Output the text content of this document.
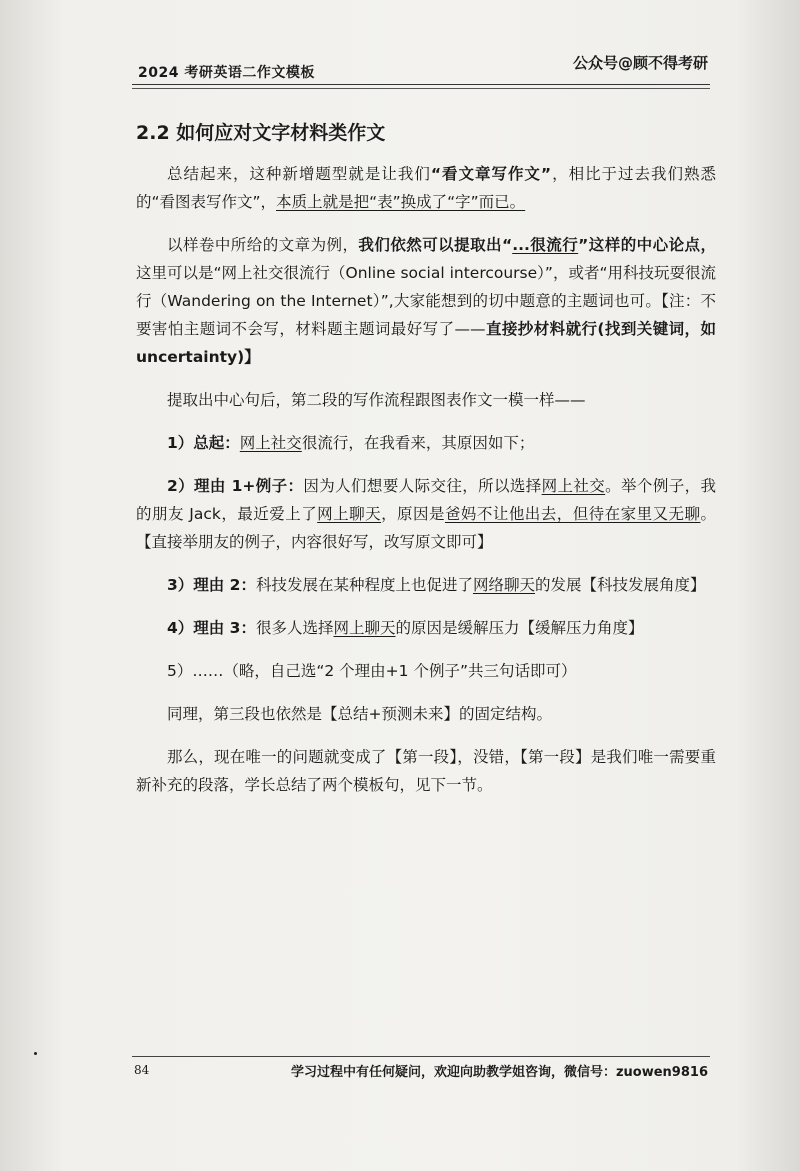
2024 考研英语二作文模板
公众号@顾不得考研
2.2 如何应对文字材料类作文

总结起来，这种新增题型就是让我们“看文章写作文”，相比于过去我们熟悉的“看图表写作文”，本质上就是把“表”换成了“字”而已。

以样卷中所给的文章为例，我们依然可以提取出“...很流行”这样的中心论点，这里可以是“网上社交很流行（Online social intercourse）”，或者“用科技玩耍很流行（Wandering on the Internet）”,大家能想到的切中题意的主题词也可。【注：不要害怕主题词不会写，材料题主题词最好写了——直接抄材料就行(找到关键词，如 uncertainty)】

提取出中心句后，第二段的写作流程跟图表作文一模一样——

1）总起：网上社交很流行，在我看来，其原因如下；

2）理由 1+例子：因为人们想要人际交往，所以选择网上社交。举个例子，我的朋友 Jack，最近爱上了网上聊天，原因是爸妈不让他出去，但待在家里又无聊。【直接举朋友的例子，内容很好写，改写原文即可】

3）理由 2：科技发展在某种程度上也促进了网络聊天的发展【科技发展角度】

4）理由 3：很多人选择网上聊天的原因是缓解压力【缓解压力角度】

5）……（略，自己选“2 个理由+1 个例子”共三句话即可）

同理，第三段也依然是【总结+预测未来】的固定结构。

那么，现在唯一的问题就变成了【第一段】，没错，【第一段】是我们唯一需要重新补充的段落，学长总结了两个模板句，见下一节。

84	学习过程中有任何疑问，欢迎向助教学姐咨询，微信号：zuowen9816
